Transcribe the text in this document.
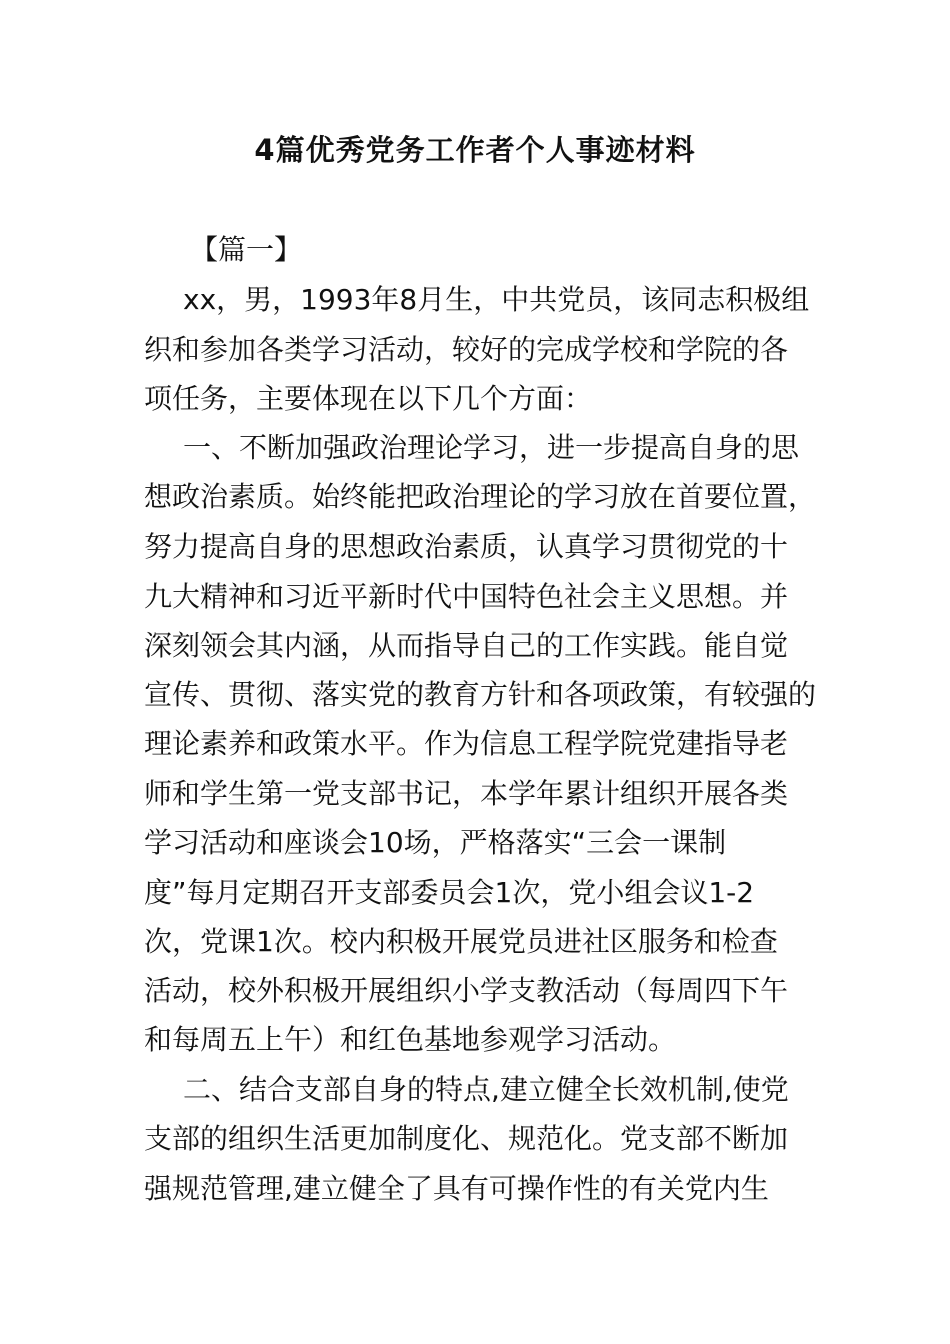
4篇优秀党务工作者个人事迹材料

【篇一】

xx，男，1993年8月生，中共党员，该同志积极组

织和参加各类学习活动，较好的完成学校和学院的各

项任务，主要体现在以下几个方面：

一、不断加强政治理论学习，进一步提高自身的思

想政治素质。始终能把政治理论的学习放在首要位置，

努力提高自身的思想政治素质，认真学习贯彻党的十

九大精神和习近平新时代中国特色社会主义思想。并

深刻领会其内涵，从而指导自己的工作实践。能自觉

宣传、贯彻、落实党的教育方针和各项政策，有较强的

理论素养和政策水平。作为信息工程学院党建指导老

师和学生第一党支部书记，本学年累计组织开展各类

学习活动和座谈会10场，严格落实“三会一课制

度”每月定期召开支部委员会1次，党小组会议1-2

次，党课1次。校内积极开展党员进社区服务和检查

活动，校外积极开展组织小学支教活动（每周四下午

和每周五上午）和红色基地参观学习活动。

二、结合支部自身的特点,建立健全长效机制,使党

支部的组织生活更加制度化、规范化。党支部不断加

强规范管理,建立健全了具有可操作性的有关党内生
